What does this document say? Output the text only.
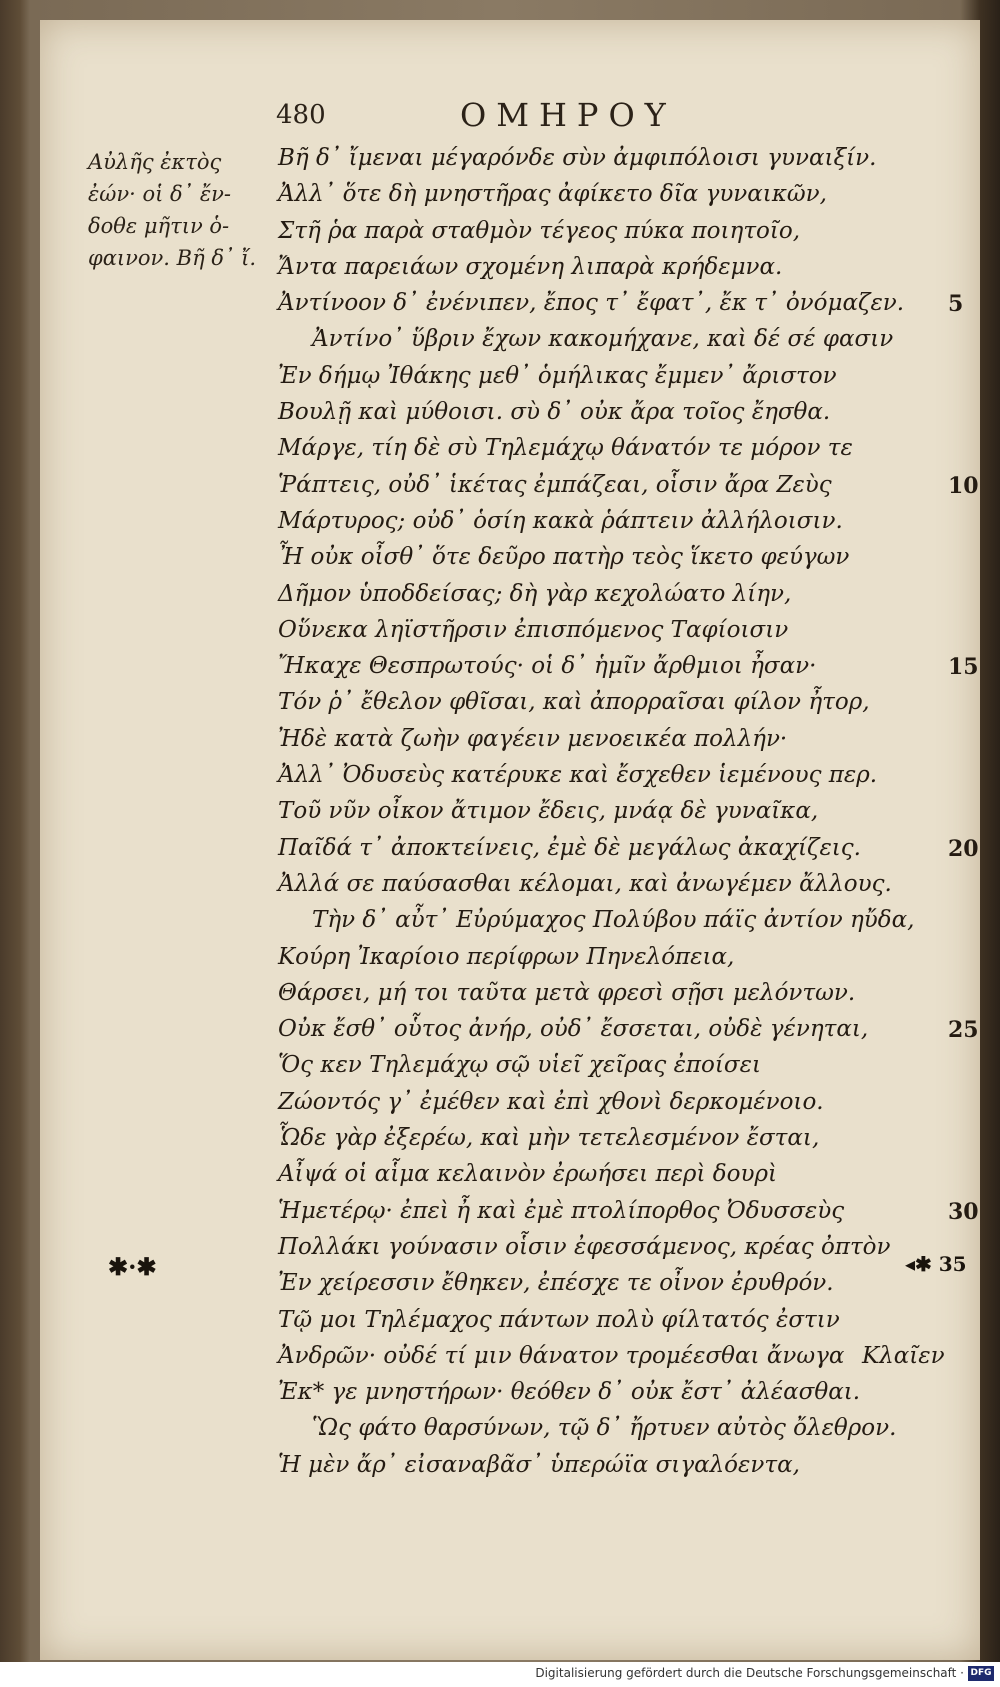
480	ΟΜΗΡΟΥ
Αὐλῆς ἐκτὸς
ἐών· οἱ δ᾽ ἔν-
δοθε μῆτιν ὁ-
φαινον. Βῆ δ᾽ ἴ.
Βῆ δ᾽ ἴμεναι μέγαρόνδε σὺν ἀμφιπόλοισι γυναιξίν.
Ἀλλ᾽ ὅτε δὴ μνηστῆρας ἀφίκετο δῖα γυναικῶν,
Στῆ ῥα παρὰ σταθμὸν τέγεος πύκα ποιητοῖο,
Ἄντα παρειάων σχομένη λιπαρὰ κρήδεμνα.
Ἀντίνοον δ᾽ ἐνένιπεν, ἔπος τ᾽ ἔφατ᾽, ἔκ τ᾽ ὀνόμαζεν.
Ἀντίνο᾽ ὕβριν ἔχων κακομήχανε, καὶ δέ σέ φασιν
Ἐν δήμῳ Ἰθάκης μεθ᾽ ὁμήλικας ἔμμεν᾽ ἄριστον
Βουλῇ καὶ μύθοισι. σὺ δ᾽ οὐκ ἄρα τοῖος ἔησθα.
Μάργε, τίη δὲ σὺ Τηλεμάχῳ θάνατόν τε μόρον τε
Ῥάπτεις, οὐδ᾽ ἱκέτας ἐμπάζεαι, οἷσιν ἄρα Ζεὺς
Μάρτυρος; οὐδ᾽ ὁσίη κακὰ ῥάπτειν ἀλλήλοισιν.
Ἦ οὐκ οἶσθ᾽ ὅτε δεῦρο πατὴρ τεὸς ἵκετο φεύγων
Δῆμον ὑποδδείσας; δὴ γὰρ κεχολώατο λίην,
Οὕνεκα ληϊστῆρσιν ἐπισπόμενος Ταφίοισιν
Ἤκαχε Θεσπρωτούς· οἱ δ᾽ ἡμῖν ἄρθμιοι ἦσαν·
Τόν ῥ᾽ ἔθελον φθῖσαι, καὶ ἀπορραῖσαι φίλον ἦτορ,
Ἠδὲ κατὰ ζωὴν φαγέειν μενοεικέα πολλήν·
Ἀλλ᾽ Ὀδυσεὺς κατέρυκε καὶ ἔσχεθεν ἱεμένους περ.
Τοῦ νῦν οἶκον ἄτιμον ἔδεις, μνάᾳ δὲ γυναῖκα,
Παῖδά τ᾽ ἀποκτείνεις, ἐμὲ δὲ μεγάλως ἀκαχίζεις.
Ἀλλά σε παύσασθαι κέλομαι, καὶ ἀνωγέμεν ἄλλους.
Τὴν δ᾽ αὖτ᾽ Εὐρύμαχος Πολύβου πάϊς ἀντίον ηὔδα,
Κούρη Ἰκαρίοιο περίφρων Πηνελόπεια,
Θάρσει, μή τοι ταῦτα μετὰ φρεσὶ σῇσι μελόντων.
Οὐκ ἔσθ᾽ οὗτος ἀνήρ, οὐδ᾽ ἔσσεται, οὐδὲ γένηται,
Ὅς κεν Τηλεμάχῳ σῷ υἱεῖ χεῖρας ἐποίσει
Ζώοντός γ᾽ ἐμέθεν καὶ ἐπὶ χθονὶ δερκομένοιο.
Ὧδε γὰρ ἐξερέω, καὶ μὴν τετελεσμένον ἔσται,
Αἶψά οἱ αἷμα κελαινὸν ἐρωήσει περὶ δουρὶ
Ἡμετέρῳ· ἐπεὶ ἦ καὶ ἐμὲ πτολίπορθος Ὀδυσσεὺς
Πολλάκι γούνασιν οἷσιν ἐφεσσάμενος, κρέας ὀπτὸν
Ἐν χείρεσσιν ἔθηκεν, ἐπέσχε τε οἶνον ἐρυθρόν.
Τῷ μοι Τηλέμαχος πάντων πολὺ φίλτατός ἐστιν
Ἀνδρῶν· οὐδέ τί μιν θάνατον τρομέεσθαι ἄνωγα
Ἐκ* γε μνηστήρων· θεόθεν δ᾽ οὐκ ἔστ᾽ ἀλέασθαι.
Ὣς φάτο θαρσύνων, τῷ δ᾽ ἤρτυεν αὐτὸς ὄλεθρον.
Ἡ μὲν ἄρ᾽ εἰσαναβᾶσ᾽ ὑπερώϊα σιγαλόεντα,
5
10
15
20
25
30
✱·✱	◂✱ 35
Κλαῖεν
Digitalisierung gefördert durch die Deutsche Forschungsgemeinschaft · DFG
